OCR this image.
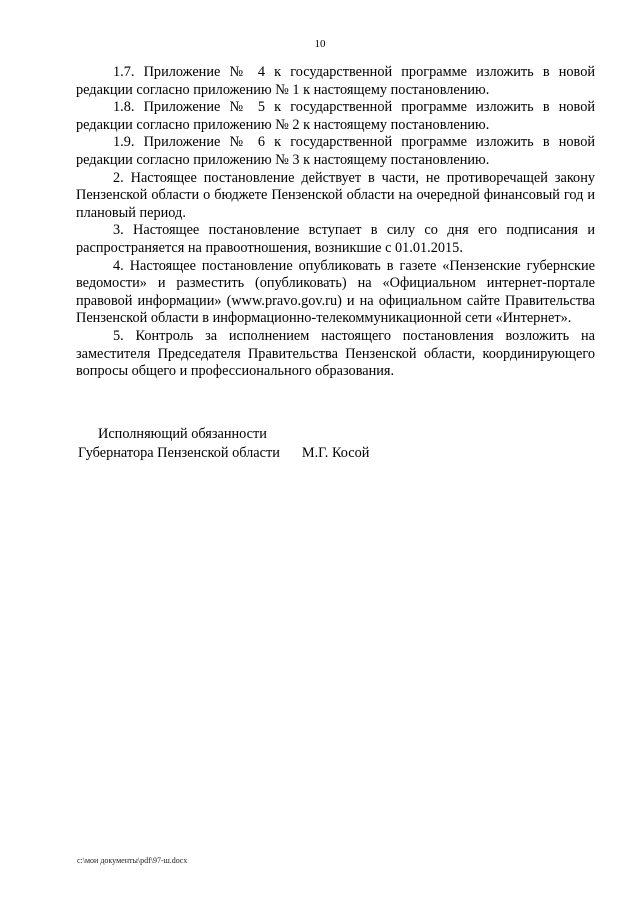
10

1.7. Приложение № 4 к государственной программе изложить в новой редакции согласно приложению № 1 к настоящему постановлению.

1.8. Приложение № 5 к государственной программе изложить в новой редакции согласно приложению № 2 к настоящему постановлению.

1.9. Приложение № 6 к государственной программе изложить в новой редакции согласно приложению № 3 к настоящему постановлению.

2. Настоящее постановление действует в части, не противоречащей закону Пензенской области о бюджете Пензенской области на очередной финансовый год и плановый период.

3. Настоящее постановление вступает в силу со дня его подписания и распространяется на правоотношения, возникшие с 01.01.2015.

4. Настоящее постановление опубликовать в газете «Пензенские губернские ведомости» и разместить (опубликовать) на «Официальном интернет-портале правовой информации» (www.pravo.gov.ru) и на официальном сайте Правительства Пензенской области в информационно-телекоммуникационной сети «Интернет».

5. Контроль за исполнением настоящего постановления возложить на заместителя Председателя Правительства Пензенской области, координирующего вопросы общего и профессионального образования.

Исполняющий обязанности
Губернатора Пензенской области М.Г. Косой
c:\мои документы\pdf\97-ш.docx
